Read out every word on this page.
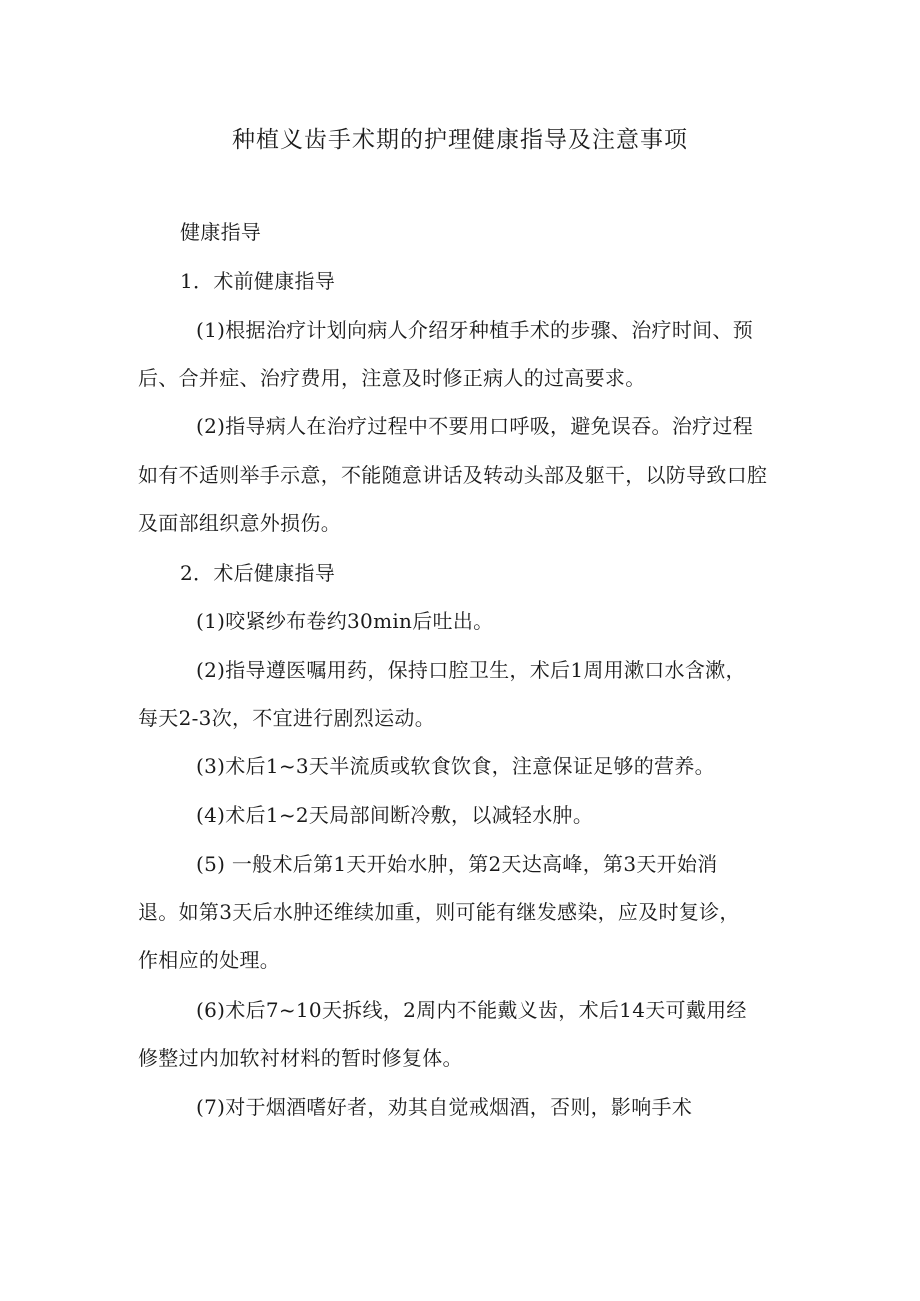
种植义齿手术期的护理健康指导及注意事项
健康指导
1．术前健康指导
(1)根据治疗计划向病人介绍牙种植手术的步骤、治疗时间、预
后、合并症、治疗费用，注意及时修正病人的过高要求。
(2)指导病人在治疗过程中不要用口呼吸，避免误吞。治疗过程
如有不适则举手示意，不能随意讲话及转动头部及躯干，以防导致口腔
及面部组织意外损伤。
2．术后健康指导
(1)咬紧纱布卷约30min后吐出。
(2)指导遵医嘱用药，保持口腔卫生，术后1周用漱口水含漱，
每天2-3次，不宜进行剧烈运动。
(3)术后1~3天半流质或软食饮食，注意保证足够的营养。
(4)术后1~2天局部间断冷敷，以减轻水肿。
(5) 一般术后第1天开始水肿，第2天达高峰，第3天开始消
退。如第3天后水肿还维续加重，则可能有继发感染，应及时复诊，
作相应的处理。
(6)术后7~10天拆线，2周内不能戴义齿，术后14天可戴用经
修整过内加软衬材料的暂时修复体。
(7)对于烟酒嗜好者，劝其自觉戒烟酒，否则，影响手术
